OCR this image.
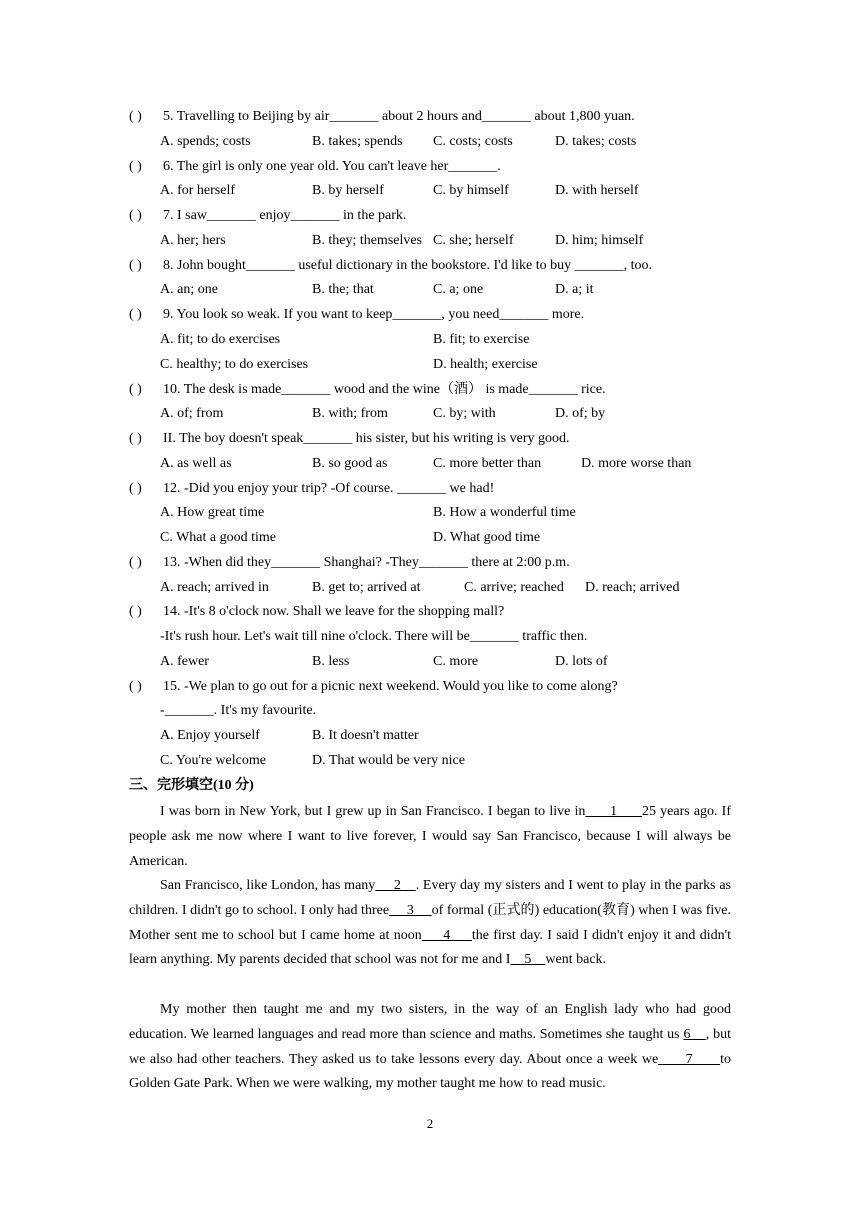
( ) 5. Travelling to Beijing by air_______ about 2 hours and_______ about 1,800 yuan.
A. spends; costs	B. takes; spends C. costs; costs	D. takes; costs
( ) 6. The girl is only one year old. You can't leave her_______.
A. for herself	B. by herself	C. by himself	D. with herself
( ) 7. I saw_______ enjoy_______ in the park.
A. her; hers	B. they; themselves C. she; herself	D. him; himself
( ) 8. John bought_______ useful dictionary in the bookstore. I'd like to buy _______, too.
A. an; one	B. the; that	C. a; one	D. a; it
( ) 9. You look so weak. If you want to keep_______, you need_______ more.
A. fit; to do exercises	B. fit; to exercise
C. healthy; to do exercises	D. health; exercise
( ) 10. The desk is made_______ wood and the wine（酒） is made_______ rice.
A. of; from	B. with; from	C. by; with	D. of; by
( ) II. The boy doesn't speak_______ his sister, but his writing is very good.
A. as well as	B. so good as	C. more better than	D. more worse than
( ) 12. -Did you enjoy your trip? -Of course. _______ we had!
A. How great time	B. How a wonderful time
C. What a good time	D. What good time
( ) 13. -When did they_______ Shanghai? -They_______ there at 2:00 p.m.
A. reach; arrived in	B. get to; arrived at	C. arrive; reached D. reach; arrived
( ) 14. -It's 8 o'clock now. Shall we leave for the shopping mall?
-It's rush hour. Let's wait till nine o'clock. There will be_______ traffic then.
A. fewer	B. less	C. more	D. lots of
( ) 15. -We plan to go out for a picnic next weekend. Would you like to come along?
-_______. It's my favourite.
A. Enjoy yourself	B. It doesn't matter
C. You're welcome	D. That would be very nice
三、完形填空(10 分)

I was born in New York, but I grew up in San Francisco. I began to live in      1      25 years ago. If people ask me now where I want to live forever, I would say San Francisco, because I will always be American.

San Francisco, like London, has many     2    . Every day my sisters and I went to play in the parks as children. I didn't go to school. I only had three     3     of formal (正式的) education(教育) when I was five. Mother sent me to school but I came home at noon     4     the first day. I said I didn't enjoy it and didn't learn anything. My parents decided that school was not for me and I    5    went back.

My mother then taught me and my two sisters, in the way of an English lady who had good education. We learned languages and read more than science and maths. Sometimes she taught us 6    , but we also had other teachers. They asked us to take lessons every day. About once a week we      7      to Golden Gate Park. When we were walking, my mother taught me how to read music.

2
